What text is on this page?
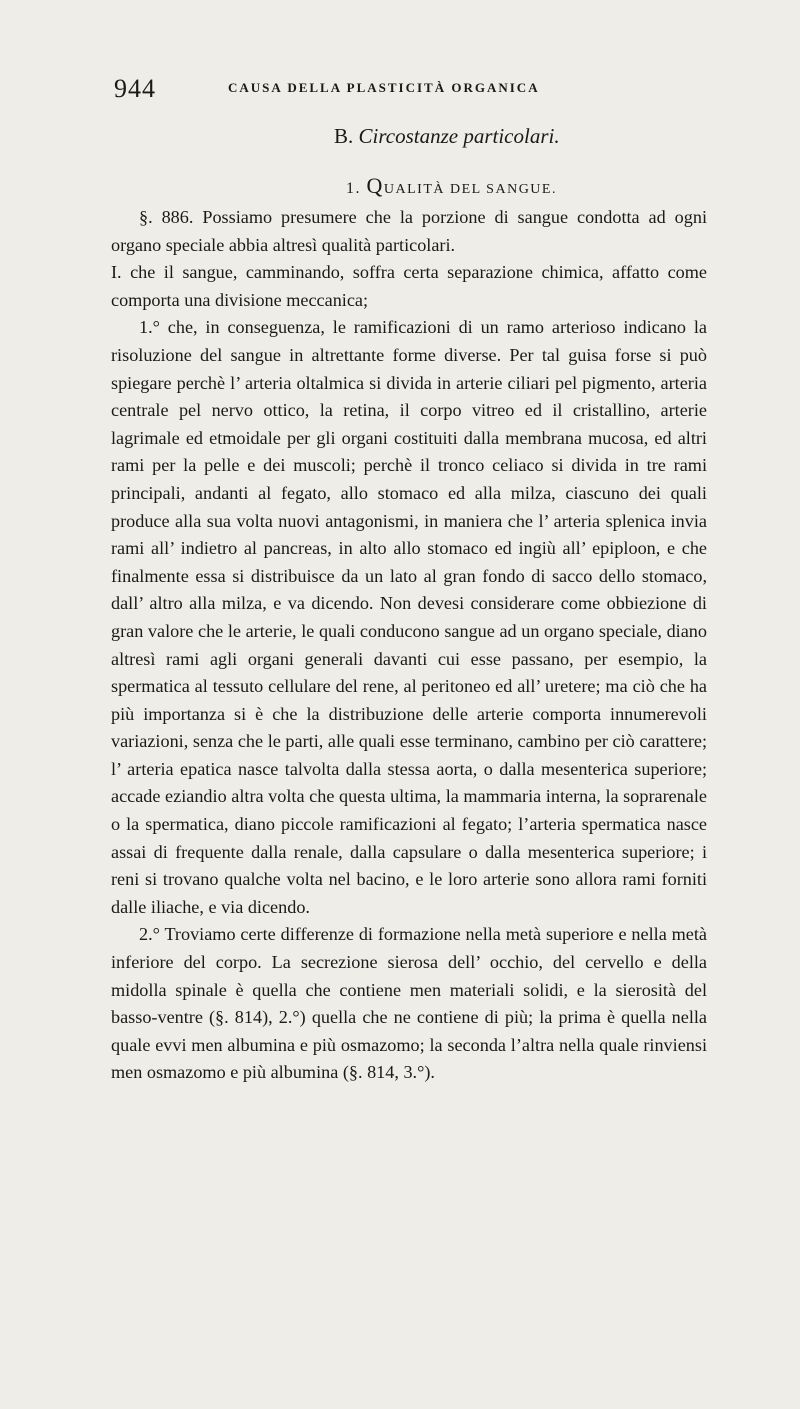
944	CAUSA DELLA PLASTICITÀ ORGANICA
B. Circostanze particolari.
1. QUALITÀ DEL SANGUE.

§. 886. Possiamo presumere che la porzione di sangue condotta ad ogni organo speciale abbia altresì qualità particolari.

I. che il sangue, camminando, soffra certa separazione chimica, affatto come comporta una divisione meccanica;

1.° che, in conseguenza, le ramificazioni di un ramo arterioso indicano la risoluzione del sangue in altrettante forme diverse. Per tal guisa forse si può spiegare perchè l’ arteria oltalmica si divida in arterie ciliari pel pigmento, arteria centrale pel nervo ottico, la retina, il corpo vitreo ed il cristallino, arterie lagrimale ed etmoidale per gli organi costituiti dalla membrana mucosa, ed altri rami per la pelle e dei muscoli; perchè il tronco celiaco si divida in tre rami principali, andanti al fegato, allo stomaco ed alla milza, ciascuno dei quali produce alla sua volta nuovi antagonismi, in maniera che l’ arteria splenica invia rami all’ indietro al pancreas, in alto allo stomaco ed ingiù all’ epiploon, e che finalmente essa si distribuisce da un lato al gran fondo di sacco dello stomaco, dall’ altro alla milza, e va dicendo. Non devesi considerare come obbiezione di gran valore che le arterie, le quali conducono sangue ad un organo speciale, diano altresì rami agli organi generali davanti cui esse passano, per esempio, la spermatica al tessuto cellulare del rene, al peritoneo ed all’ uretere; ma ciò che ha più importanza si è che la distribuzione delle arterie comporta innumerevoli variazioni, senza che le parti, alle quali esse terminano, cambino per ciò carattere; l’ arteria epatica nasce talvolta dalla stessa aorta, o dalla mesenterica superiore; accade eziandio altra volta che questa ultima, la mammaria interna, la soprarenale o la spermatica, diano piccole ramificazioni al fegato; l’arteria spermatica nasce assai di frequente dalla renale, dalla capsulare o dalla mesenterica superiore; i reni si trovano qualche volta nel bacino, e le loro arterie sono allora rami forniti dalle iliache, e via dicendo.

2.° Troviamo certe differenze di formazione nella metà superiore e nella metà inferiore del corpo. La secrezione sierosa dell’ occhio, del cervello e della midolla spinale è quella che contiene men materiali solidi, e la sierosità del basso-ventre (§. 814), 2.°) quella che ne contiene di più; la prima è quella nella quale evvi men albumina e più osmazomo; la seconda l’altra nella quale rinviensi men osmazomo e più albumina (§. 814, 3.°).
